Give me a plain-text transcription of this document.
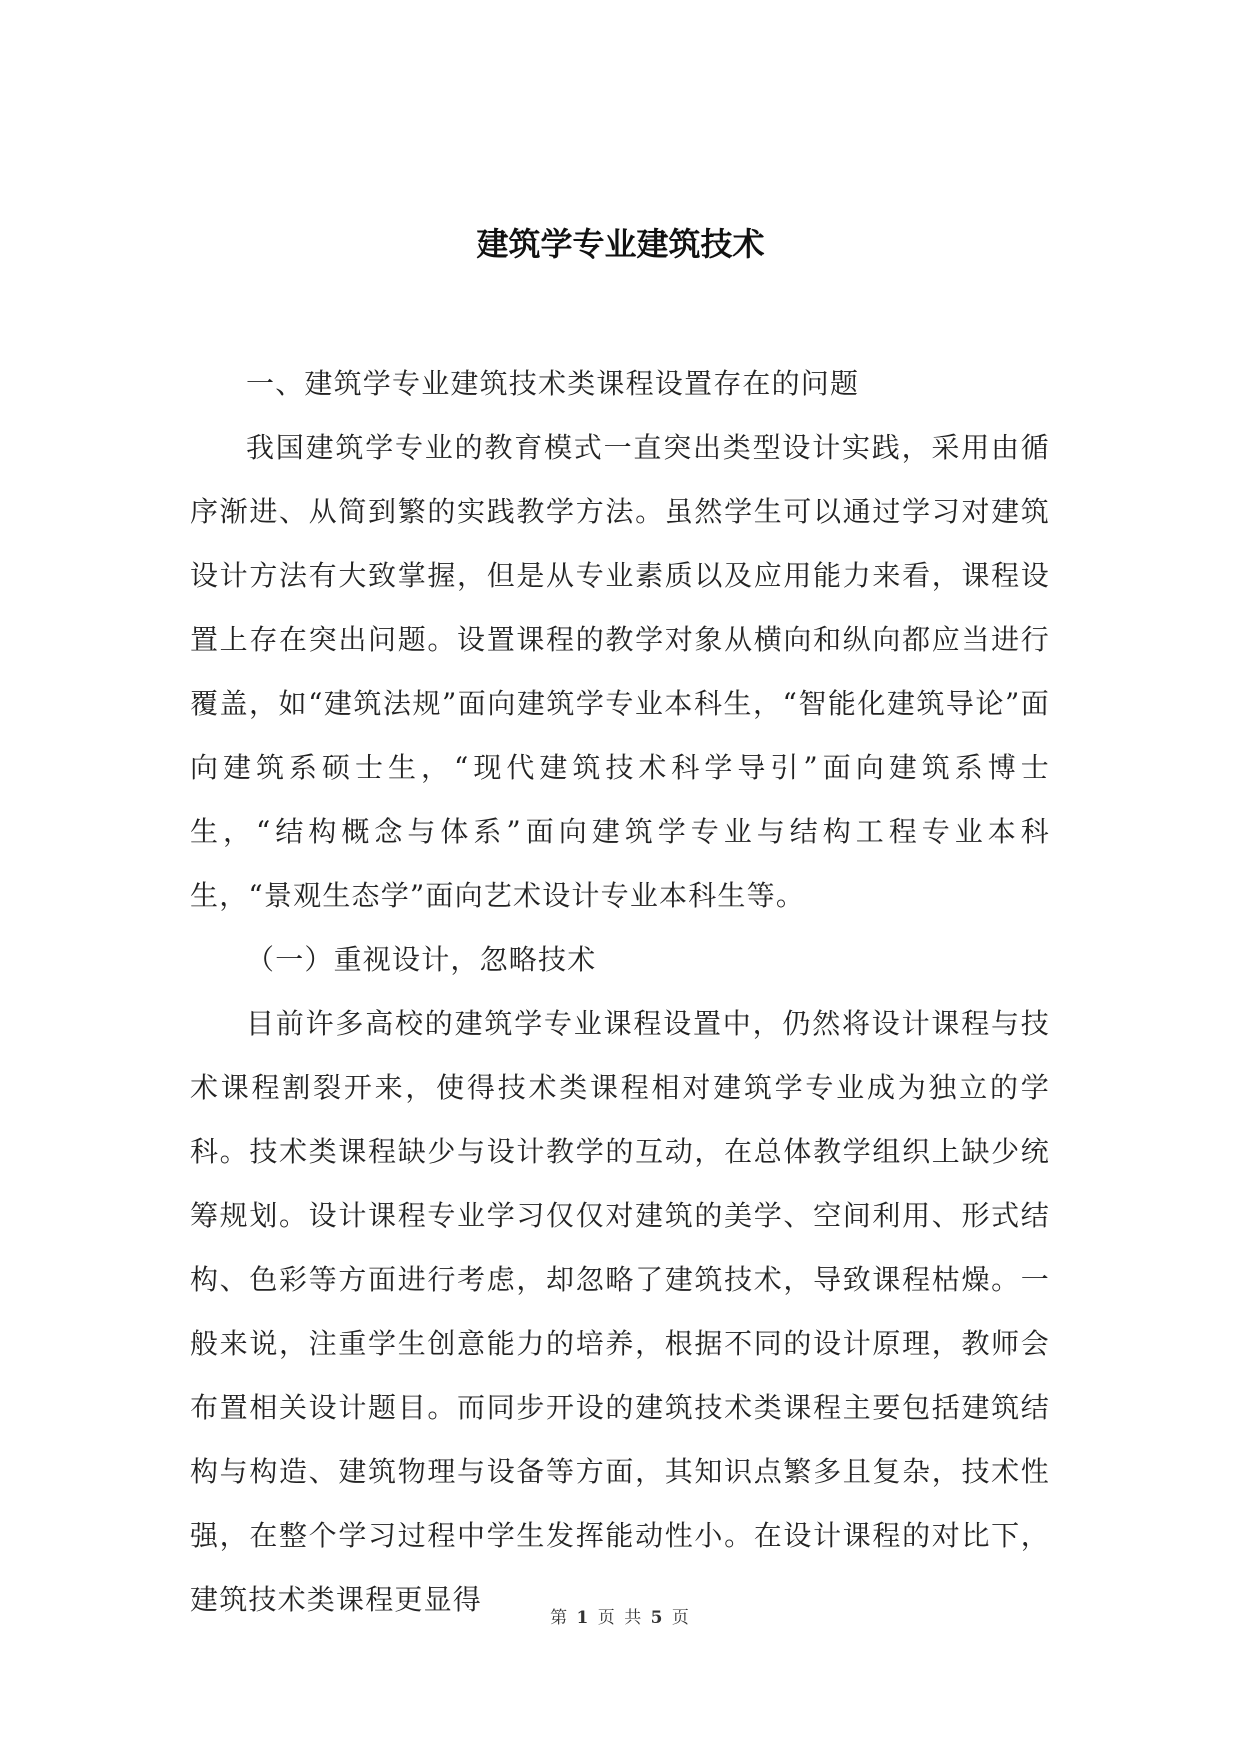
建筑学专业建筑技术

一、建筑学专业建筑技术类课程设置存在的问题

我国建筑学专业的教育模式一直突出类型设计实践，采用由循序渐进、从简到繁的实践教学方法。虽然学生可以通过学习对建筑设计方法有大致掌握，但是从专业素质以及应用能力来看，课程设置上存在突出问题。设置课程的教学对象从横向和纵向都应当进行覆盖，如“建筑法规”面向建筑学专业本科生，“智能化建筑导论”面向建筑系硕士生，“现代建筑技术科学导引”面向建筑系博士生，“结构概念与体系”面向建筑学专业与结构工程专业本科生，“景观生态学”面向艺术设计专业本科生等。

（一）重视设计，忽略技术

目前许多高校的建筑学专业课程设置中，仍然将设计课程与技术课程割裂开来，使得技术类课程相对建筑学专业成为独立的学科。技术类课程缺少与设计教学的互动，在总体教学组织上缺少统筹规划。设计课程专业学习仅仅对建筑的美学、空间利用、形式结构、色彩等方面进行考虑，却忽略了建筑技术，导致课程枯燥。一般来说，注重学生创意能力的培养，根据不同的设计原理，教师会布置相关设计题目。而同步开设的建筑技术类课程主要包括建筑结构与构造、建筑物理与设备等方面，其知识点繁多且复杂，技术性强，在整个学习过程中学生发挥能动性小。在设计课程的对比下，建筑技术类课程更显得

第 1 页 共 5 页
